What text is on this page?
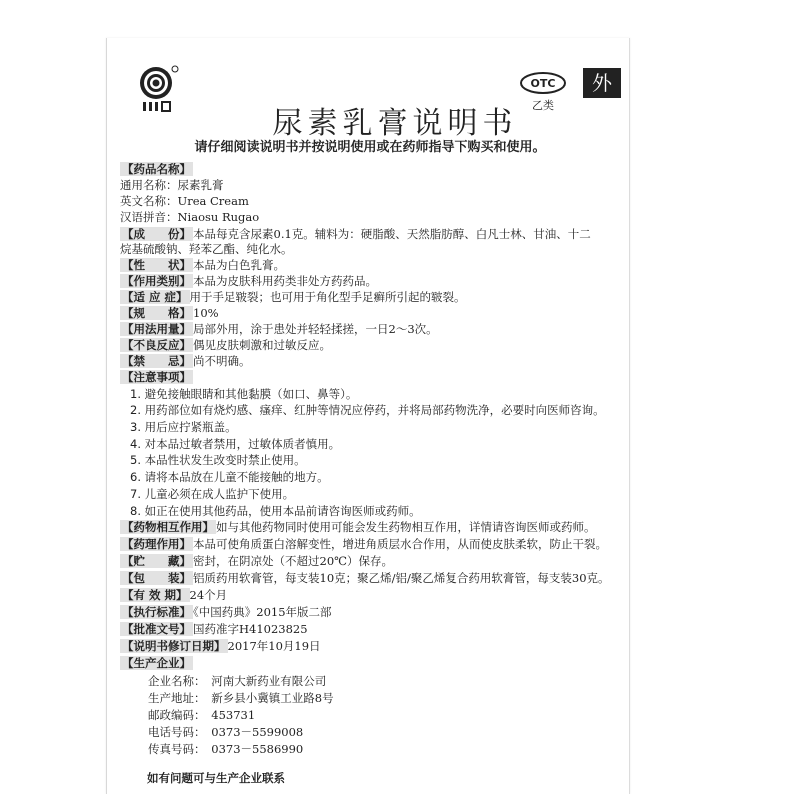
OTC
乙类
外
尿素乳膏说明书
请仔细阅读说明书并按说明使用或在药师指导下购买和使用。
【药品名称】
通用名称：尿素乳膏
英文名称：Urea Cream
汉语拼音：Niaosu Rugao
【成　　份】 本品每克含尿素0.1克。辅料为：硬脂酸、天然脂肪醇、白凡士林、甘油、十二
烷基硫酸钠、羟苯乙酯、纯化水。
【性　　状】 本品为白色乳膏。
【作用类别】 本品为皮肤科用药类非处方药药品。
【适 应 症】 用于手足皲裂；也可用于角化型手足癣所引起的皲裂。
【规　　格】 10%
【用法用量】 局部外用，涂于患处并轻轻揉搓，一日2～3次。
【不良反应】 偶见皮肤刺激和过敏反应。
【禁　　忌】 尚不明确。
【注意事项】
1. 避免接触眼睛和其他黏膜（如口、鼻等）。
2. 用药部位如有烧灼感、瘙痒、红肿等情况应停药，并将局部药物洗净，必要时向医师咨询。
3. 用后应拧紧瓶盖。
4. 对本品过敏者禁用，过敏体质者慎用。
5. 本品性状发生改变时禁止使用。
6. 请将本品放在儿童不能接触的地方。
7. 儿童必须在成人监护下使用。
8. 如正在使用其他药品，使用本品前请咨询医师或药师。
【药物相互作用】 如与其他药物同时使用可能会发生药物相互作用，详情请咨询医师或药师。
【药理作用】 本品可使角质蛋白溶解变性，增进角质层水合作用，从而使皮肤柔软，防止干裂。
【贮　　藏】 密封，在阴凉处（不超过20℃）保存。
【包　　装】 铝质药用软膏管，每支装10克；聚乙烯/铝/聚乙烯复合药用软膏管，每支装30克。
【有 效 期】 24个月
【执行标准】 《中国药典》2015年版二部
【批准文号】 国药准字H41023825
【说明书修订日期】 2017年10月19日
【生产企业】
企业名称：　河南大新药业有限公司
生产地址：　新乡县小冀镇工业路8号
邮政编码：　453731
电话号码：　0373－5599008
传真号码：　0373－5586990
如有问题可与生产企业联系
